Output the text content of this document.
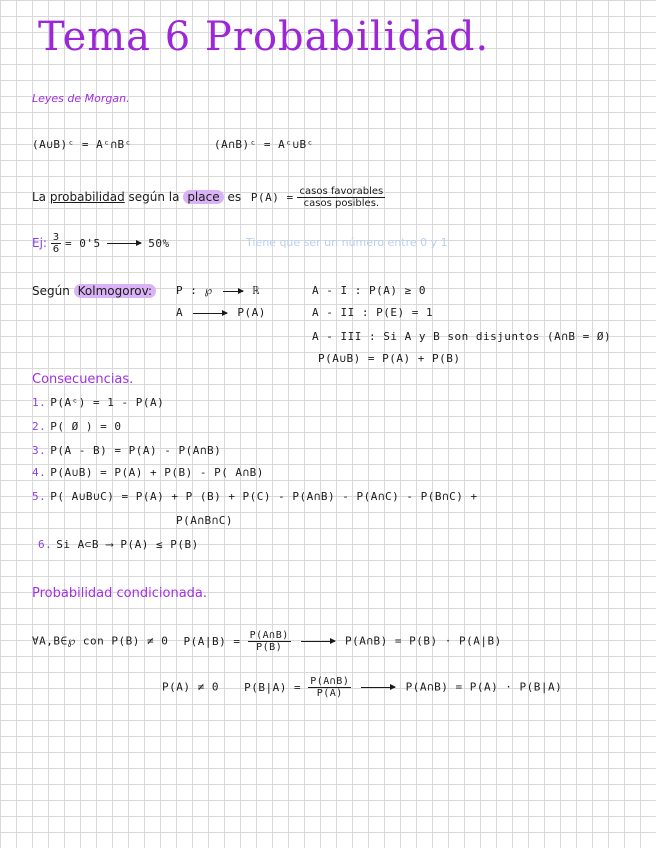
Tema 6 Probabilidad.
Leyes de Morgan.
(A∪B)ᶜ = Aᶜ∩Bᶜ	(A∩B)ᶜ = Aᶜ∪Bᶜ
La probabilidad según la place es $P(A) = \frac{\text{casos favorables}}{\text{casos posibles.}}$
Ej: $\frac{3}{6} = 0'5$	50%	Tiene que ser un número entre 0 y 1
Según Kolmogorov:	P : ℘	ℝ
A	P(A)
A - I : P(A) ≥ 0
A - II : P(E) = 1
A - III : Si A y B son disjuntos (A∩B = Ø)
P(A∪B) = P(A) + P(B)
Consecuencias.
1. P(Aᶜ) = 1 - P(A)
2. P( Ø ) = 0
3. P(A - B) = P(A) - P(A∩B)
4. P(A∪B) = P(A) + P(B) - P( A∩B)
5. P( A∪B∪C) = P(A) + P (B) + P(C) - P(A∩B) - P(A∩C) - P(B∩C) +
P(A∩B∩C)
6. Si A⊂B ⟶ P(A) ≤ P(B)
Probabilidad condicionada.
∀A,B∈℘ con P(B) ≠ 0 $P(A|B) = \frac{P(A\cap B)}{P(B)}$	P(A∩B) = P(B) · P(A|B)
P(A) ≠ 0 $P(B|A) = \frac{P(A\cap B)}{P(A)}$	P(A∩B) = P(A) · P(B|A)
